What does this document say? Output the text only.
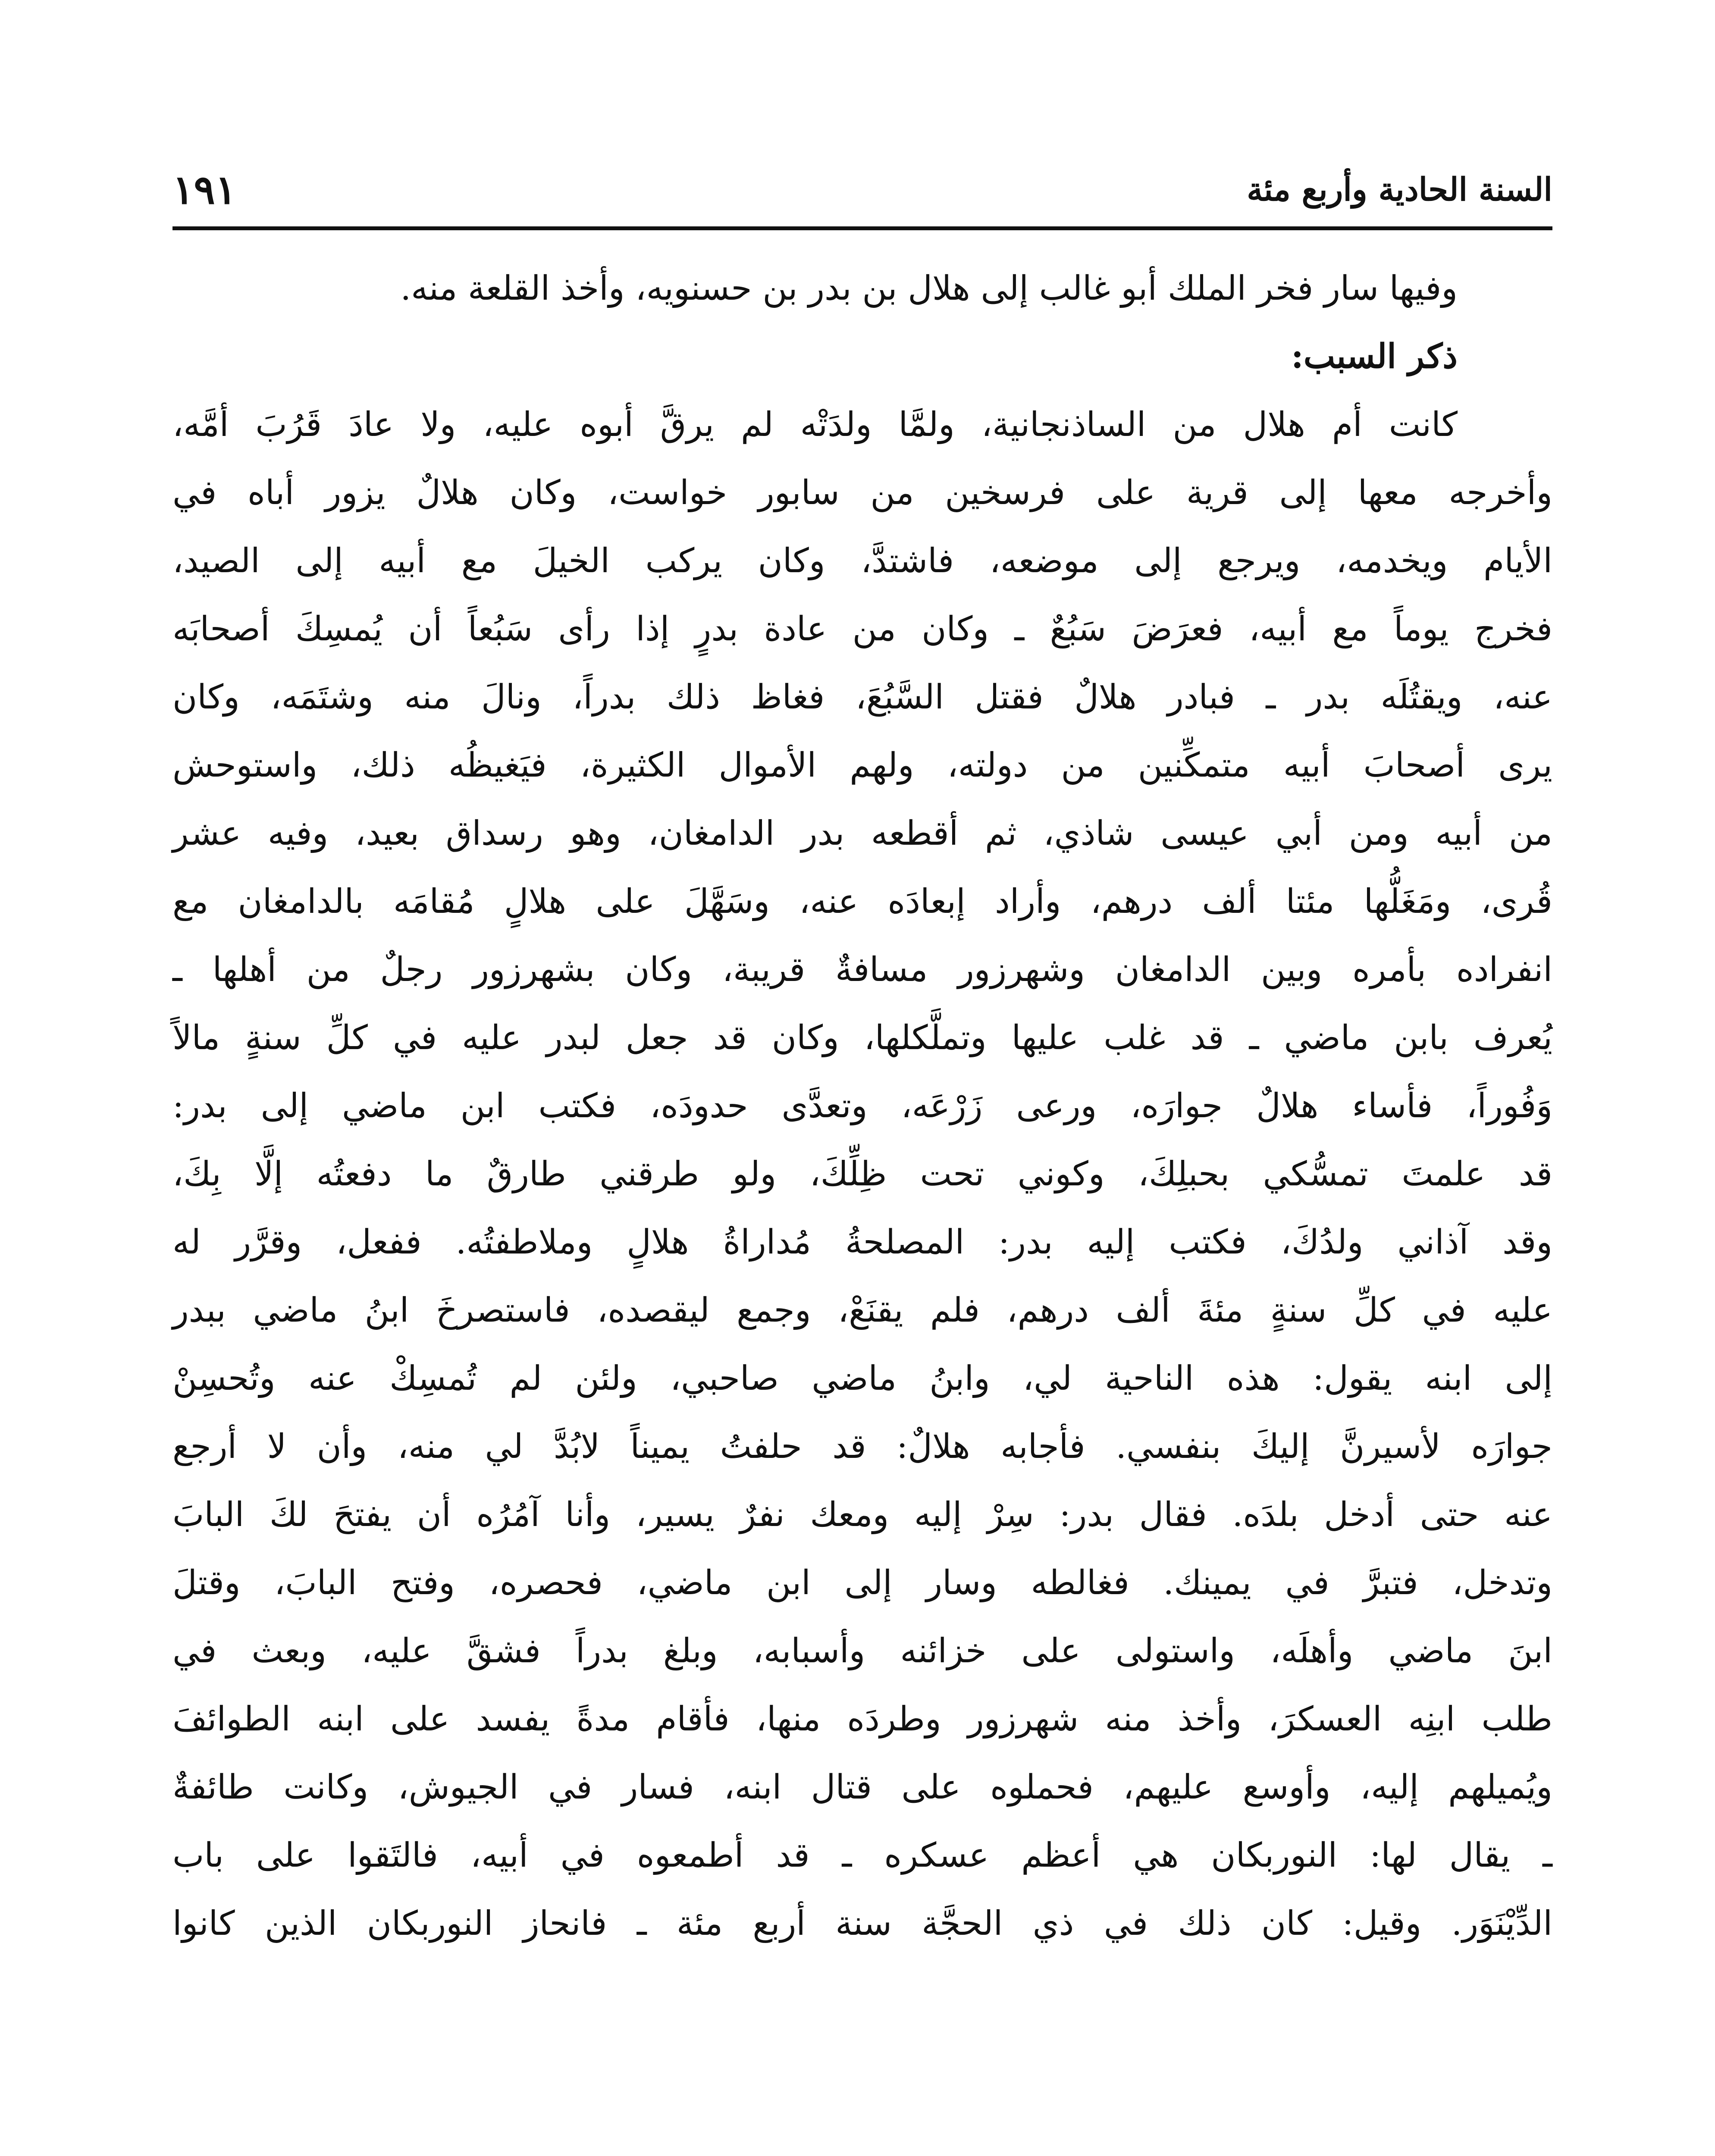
السنة الحادية وأربع مئة
١٩١
وفيها سار فخر الملك أبو غالب إلى هلال بن بدر بن حسنويه، وأخذ القلعة منه.
ذكر السبب:
كانت أم هلال من الساذنجانية، ولمَّا ولدَتْه لم يرقَّ أبوه عليه، ولا عادَ قَرُبَ أمَّه،
وأخرجه معها إلى قرية على فرسخين من سابور خواست، وكان هلالٌ يزور أباه في
الأيام ويخدمه، ويرجع إلى موضعه، فاشتدَّ، وكان يركب الخيلَ مع أبيه إلى الصيد،
فخرج يوماً مع أبيه، فعرَضَ سَبُعٌ ـ وكان من عادة بدرٍ إذا رأى سَبُعاً أن يُمسِكَ أصحابَه
عنه، ويقتُلَه بدر ـ فبادر هلالٌ فقتل السَّبُعَ، فغاظ ذلك بدراً، ونالَ منه وشتَمَه، وكان
يرى أصحابَ أبيه متمكِّنين من دولته، ولهم الأموال الكثيرة، فيَغيظُه ذلك، واستوحش
من أبيه ومن أبي عيسى شاذي، ثم أقطعه بدر الدامغان، وهو رسداق بعيد، وفيه عشر
قُرى، ومَغَلُّها مئتا ألف درهم، وأراد إبعادَه عنه، وسَهَّلَ على هلالٍ مُقامَه بالدامغان مع
انفراده بأمره وبين الدامغان وشهرزور مسافةٌ قريبة، وكان بشهرزور رجلٌ من أهلها ـ
يُعرف بابن ماضي ـ قد غلب عليها وتملَّكلها، وكان قد جعل لبدر عليه في كلِّ سنةٍ مالاً
وَفُوراً، فأساء هلالٌ جوارَه، ورعى زَرْعَه، وتعدَّى حدودَه، فكتب ابن ماضي إلى بدر:
قد علمتَ تمسُّكي بحبلِكَ، وكوني تحت ظِلِّكَ، ولو طرقني طارقٌ ما دفعتُه إلَّا بِكَ،
وقد آذاني ولدُكَ، فكتب إليه بدر: المصلحةُ مُداراةُ هلالٍ وملاطفتُه. ففعل، وقرَّر له
عليه في كلِّ سنةٍ مئةَ ألف درهم، فلم يقنَعْ، وجمع ليقصده، فاستصرخَ ابنُ ماضي ببدر
إلى ابنه يقول: هذه الناحية لي، وابنُ ماضي صاحبي، ولئن لم تُمسِكْ عنه وتُحسِنْ
جوارَه لأسيرنَّ إليكَ بنفسي. فأجابه هلالٌ: قد حلفتُ يميناً لابُدَّ لي منه، وأن لا أرجع
عنه حتى أدخل بلدَه. فقال بدر: سِرْ إليه ومعك نفرٌ يسير، وأنا آمُرُه أن يفتحَ لكَ البابَ
وتدخل، فتبرَّ في يمينك. فغالطه وسار إلى ابن ماضي، فحصره، وفتح البابَ، وقتلَ
ابنَ ماضي وأهلَه، واستولى على خزائنه وأسبابه، وبلغ بدراً فشقَّ عليه، وبعث في
طلب ابنِه العسكرَ، وأخذ منه شهرزور وطردَه منها، فأقام مدةً يفسد على ابنه الطوائفَ
ويُميلهم إليه، وأوسع عليهم، فحملوه على قتال ابنه، فسار في الجيوش، وكانت طائفةٌ
ـ يقال لها: النوربكان هي أعظم عسكره ـ قد أطمعوه في أبيه، فالتَقوا على باب
الدِّيْنَوَر. وقيل: كان ذلك في ذي الحجَّة سنة أربع مئة ـ فانحاز النوربكان الذين كانوا
